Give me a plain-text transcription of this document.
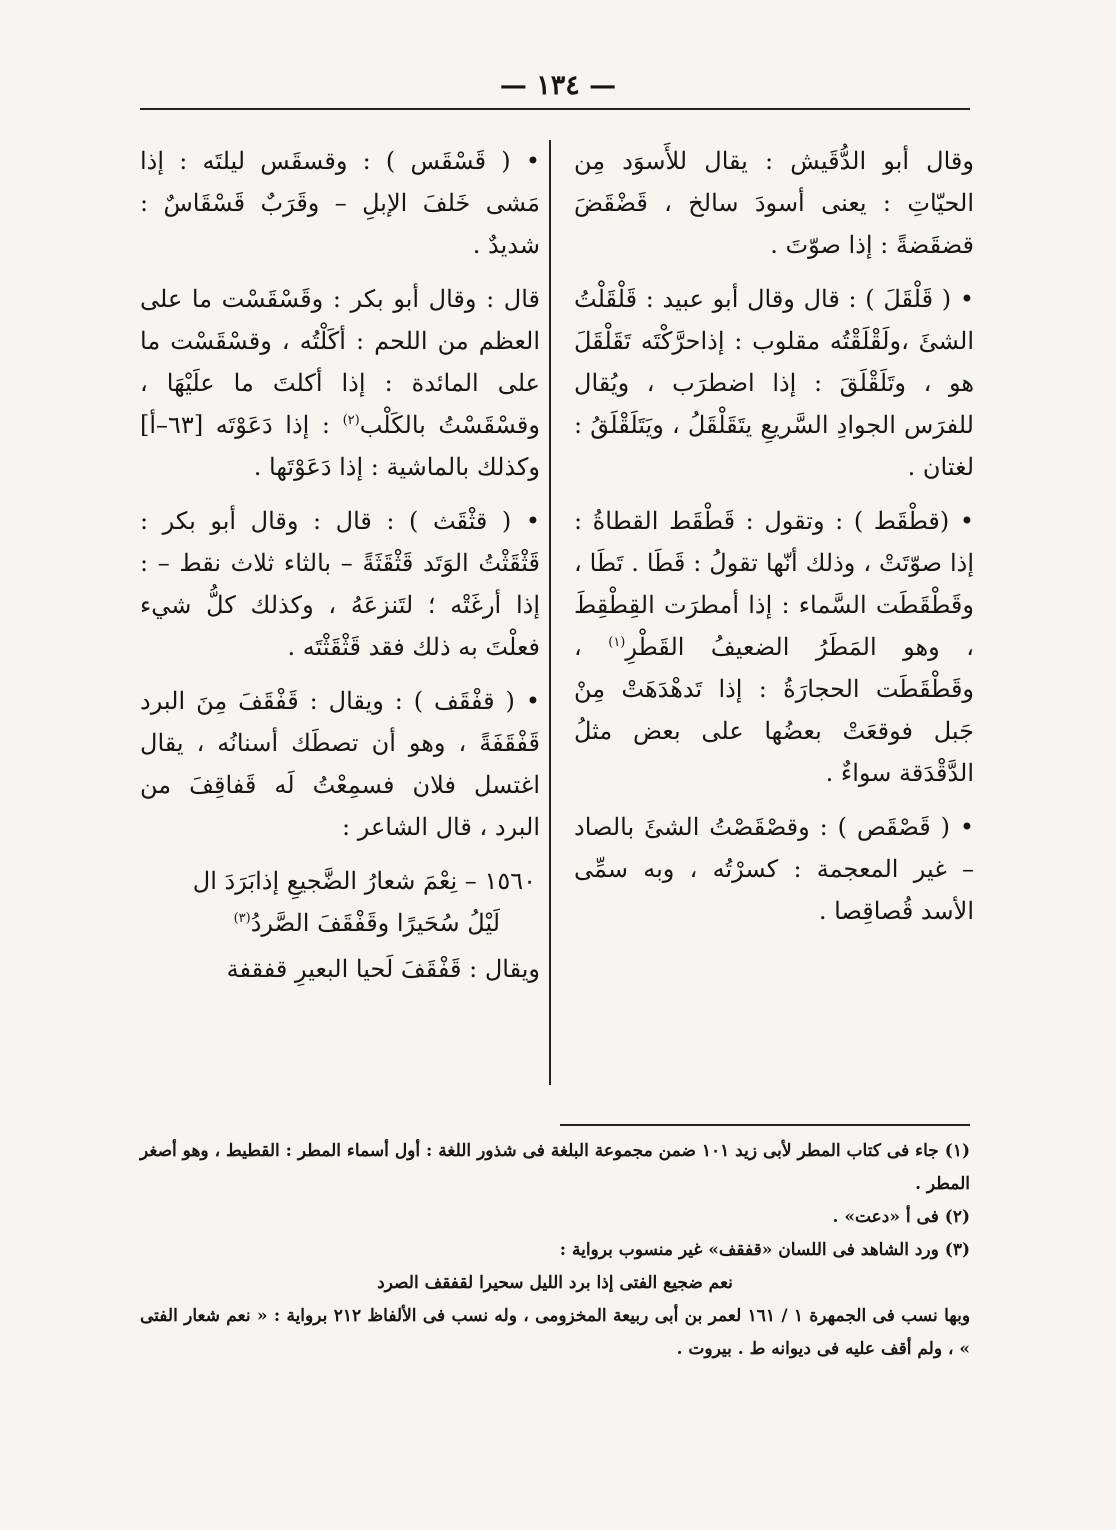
— ١٣٤ —

وقال أبو الدُّقَيش : يقال للأَسوَد مِن الحيّاتِ : يعنى أسودَ سالخ ، قَضْقَضَ قضقَضةً : إذا صوّتَ .

• ( قَلْقَلَ ) : قال وقال أبو عبيد : قَلْقَلْتُ الشئَ ،ولَقْلَقْتُه مقلوب : إذاحرَّكْتَه تَقَلْقَلَ هو ، وتَلَقْلَقَ : إذا اضطرَب ، ويُقال للفرَس الجوادِ السَّريعِ يتَقَلْقَلُ ، ويَتَلَقْلَقُ : لغتان .

• (قطْقَط ) : وتقول : قَطْقَط القطاةُ : إذا صوّتَتْ ، وذلك أنّها تقولُ : قَطَا . تَطَا ، وقَطْقَطَت السَّماء : إذا أمطرَت القِطْقِطَ ، وهو المَطَرُ الضعيفُ القَطْرِ$^{(١)}$ ، وقَطْقَطَت الحجارَةُ : إذا تَدهْدَهَتْ مِنْ جَبل فوقعَتْ بعضُها على بعض مثلُ الدَّقْدَقة سواءٌ .

• ( قَصْقَص ) : وقصْقَصْتُ الشئَ بالصاد – غير المعجمة : كسرْتُه ، وبه سمِّى الأسد قُصاقِصا .

• ( قَسْقَس ) : وقسقَس ليلتَه : إذا مَشى خَلفَ الإبلِ – وقَرَبٌ قَسْقَاسٌ : شديدٌ .

قال : وقال أبو بكر : وقَسْقَسْت ما على العظم من اللحم : أكَلْتُه ، وقسْقَسْت ما على المائدة : إذا أكلتَ ما علَيْهَا ، وقسْقَسْتُ بالكَلْب$^{(٢)}$ : إذا دَعَوْتَه [٦٣–أ] وكذلك بالماشية : إذا دَعَوْتَها .

• ( قثْقَث ) : قال : وقال أبو بكر : قَثْقَثْتُ الوَتَد قَثْقَثَةً – بالثاء ثلاث نقط – : إذا أرغَتْه ؛ لتَنزعَهُ ، وكذلك كلُّ شيء فعلْتَ به ذلك فقد قَثْقَثْتَه .

• ( قفْقَف ) : ويقال : قَفْقَفَ مِنَ البرد قَفْقَفَةً ، وهو أن تصطَك أسنانُه ، يقال اغتسل فلان فسمِعْتُ لَه قَفاقِفَ من البرد ، قال الشاعر :

١٥٦٠ – نِعْمَ شعارُ الضَّجيعِ إذابَرَدَ ال
لَيْلُ سُحَيرًا وقَفْقَفَ الصَّردُ$^{(٣)}$

ويقال : قَفْقَفَ لَحيا البعيرِ قفقفة

(١) جاء فى كتاب المطر لأبى زيد ١٠١ ضمن مجموعة البلغة فى شذور اللغة : أول أسماء المطر : القطيط ، وهو أصغر المطر .

(٢) فى أ «دعت» .

(٣) ورد الشاهد فى اللسان «قفقف» غير منسوب برواية :

نعم ضجيع الفتى إذا برد الليل سحيرا لقفقف الصرد

وبها نسب فى الجمهرة ١ / ١٦١ لعمر بن أبى ربيعة المخزومى ، وله نسب فى الألفاظ ٢١٢ برواية : « نعم شعار الفتى » ، ولم أقف عليه فى ديوانه ط . بيروت .
